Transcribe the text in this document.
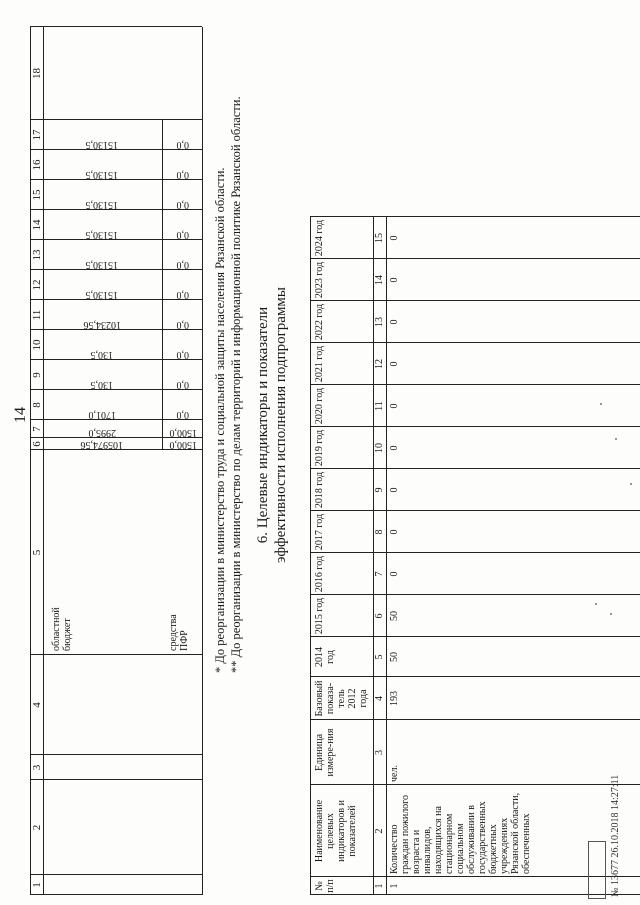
14
1
2
3
4
5
6
7
8
9
10
11
12
13
14
15
16
17
18
областной бюджет	средства ПФР
105974,56
2995,0
1701,0
130,5
130,5
10234,56
15130,5
15130,5
15130,5
15130,5
15130,5
15130,5
1500,0
1500,0
0,0
0,0
0,0
0,0
0,0
0,0
0,0
0,0
0,0
0,0
* До реорганизации в министерство труда и социальной защиты населения Рязанской области. ** До реорганизации в министерство по делам территорий и информационной политике Рязанской области. 6. Целевые индикаторы и показатели эффективности исполнения подпрограммы
№ п/п
Наименование целевых индикаторов и показателей
Единица измере-ния
Базовый показа-тель 2012 года
2014 год
2015 год
2016 год
2017 год
2018 год
2019 год
2020 год
2021 год
2022 год
2023 год
2024 год
1
2
3
4
5
6
7
8
9
10
11
12
13
14
15
1
Количество граждан пожилого возраста и инвалидов, находящихся на стационарном социальном обслуживании в государственных бюджетных учреждениях Рязанской области, обеспеченных
чел.
193
50
50
0
0
0
0
0
0
0
0
0
№ 13677 26.10.2018 14:27:11
